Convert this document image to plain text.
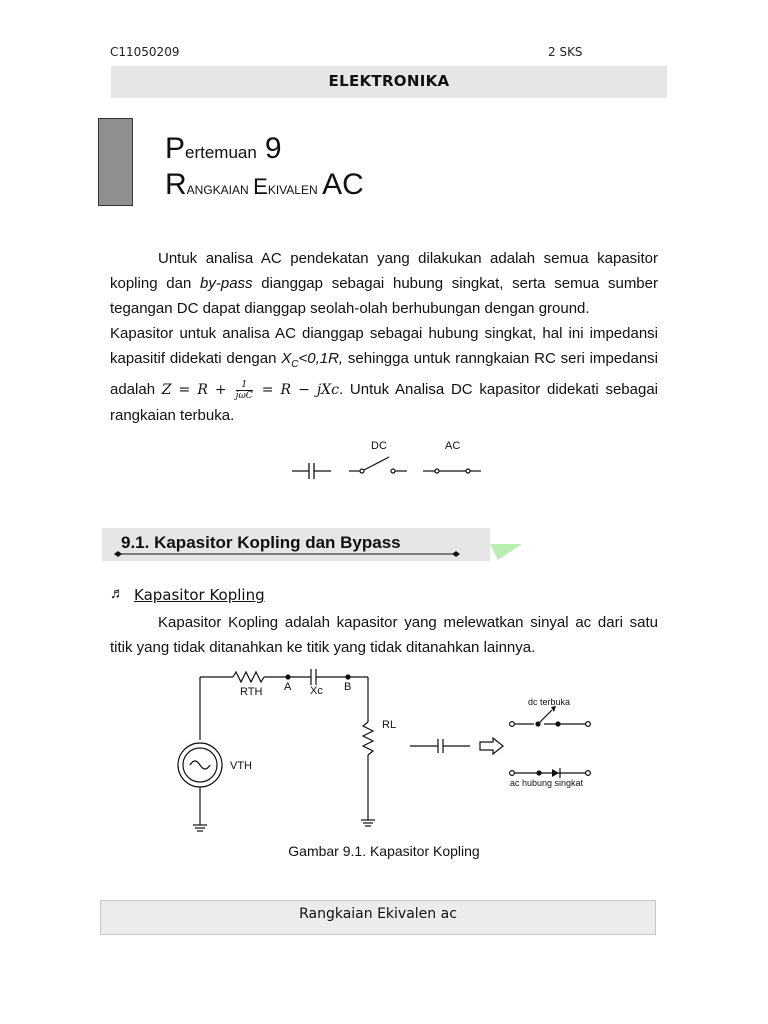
C11050209	2 SKS
ELEKTRONIKA
Pertemuan 9
Rangkaian Ekivalen AC

Untuk analisa AC pendekatan yang dilakukan adalah semua kapasitor kopling dan by-pass dianggap sebagai hubung singkat, serta semua sumber tegangan DC dapat dianggap seolah-olah berhubungan dengan ground.

Kapasitor untuk analisa AC dianggap sebagai hubung singkat, hal ini impedansi kapasitif didekati dengan $X_C<0,1R$, sehingga untuk ranngkaian RC seri impedansi adalah $Z = R + \frac{1}{\text{jωC}} = R$ − jXc. Untuk Analisa DC kapasitor didekati sebagai rangkaian terbuka.

DC	AC
9.1. Kapasitor Kopling dan Bypass
♬ Kapasitor Kopling

Kapasitor Kopling adalah kapasitor yang melewatkan sinyal ac dari satu titik yang tidak ditanahkan ke titik yang tidak ditanahkan lainnya.

RTH A Xc B
RL
VTH
dc terbuka
ac hubung singkat
Gambar 9.1. Kapasitor Kopling
Rangkaian Ekivalen ac
